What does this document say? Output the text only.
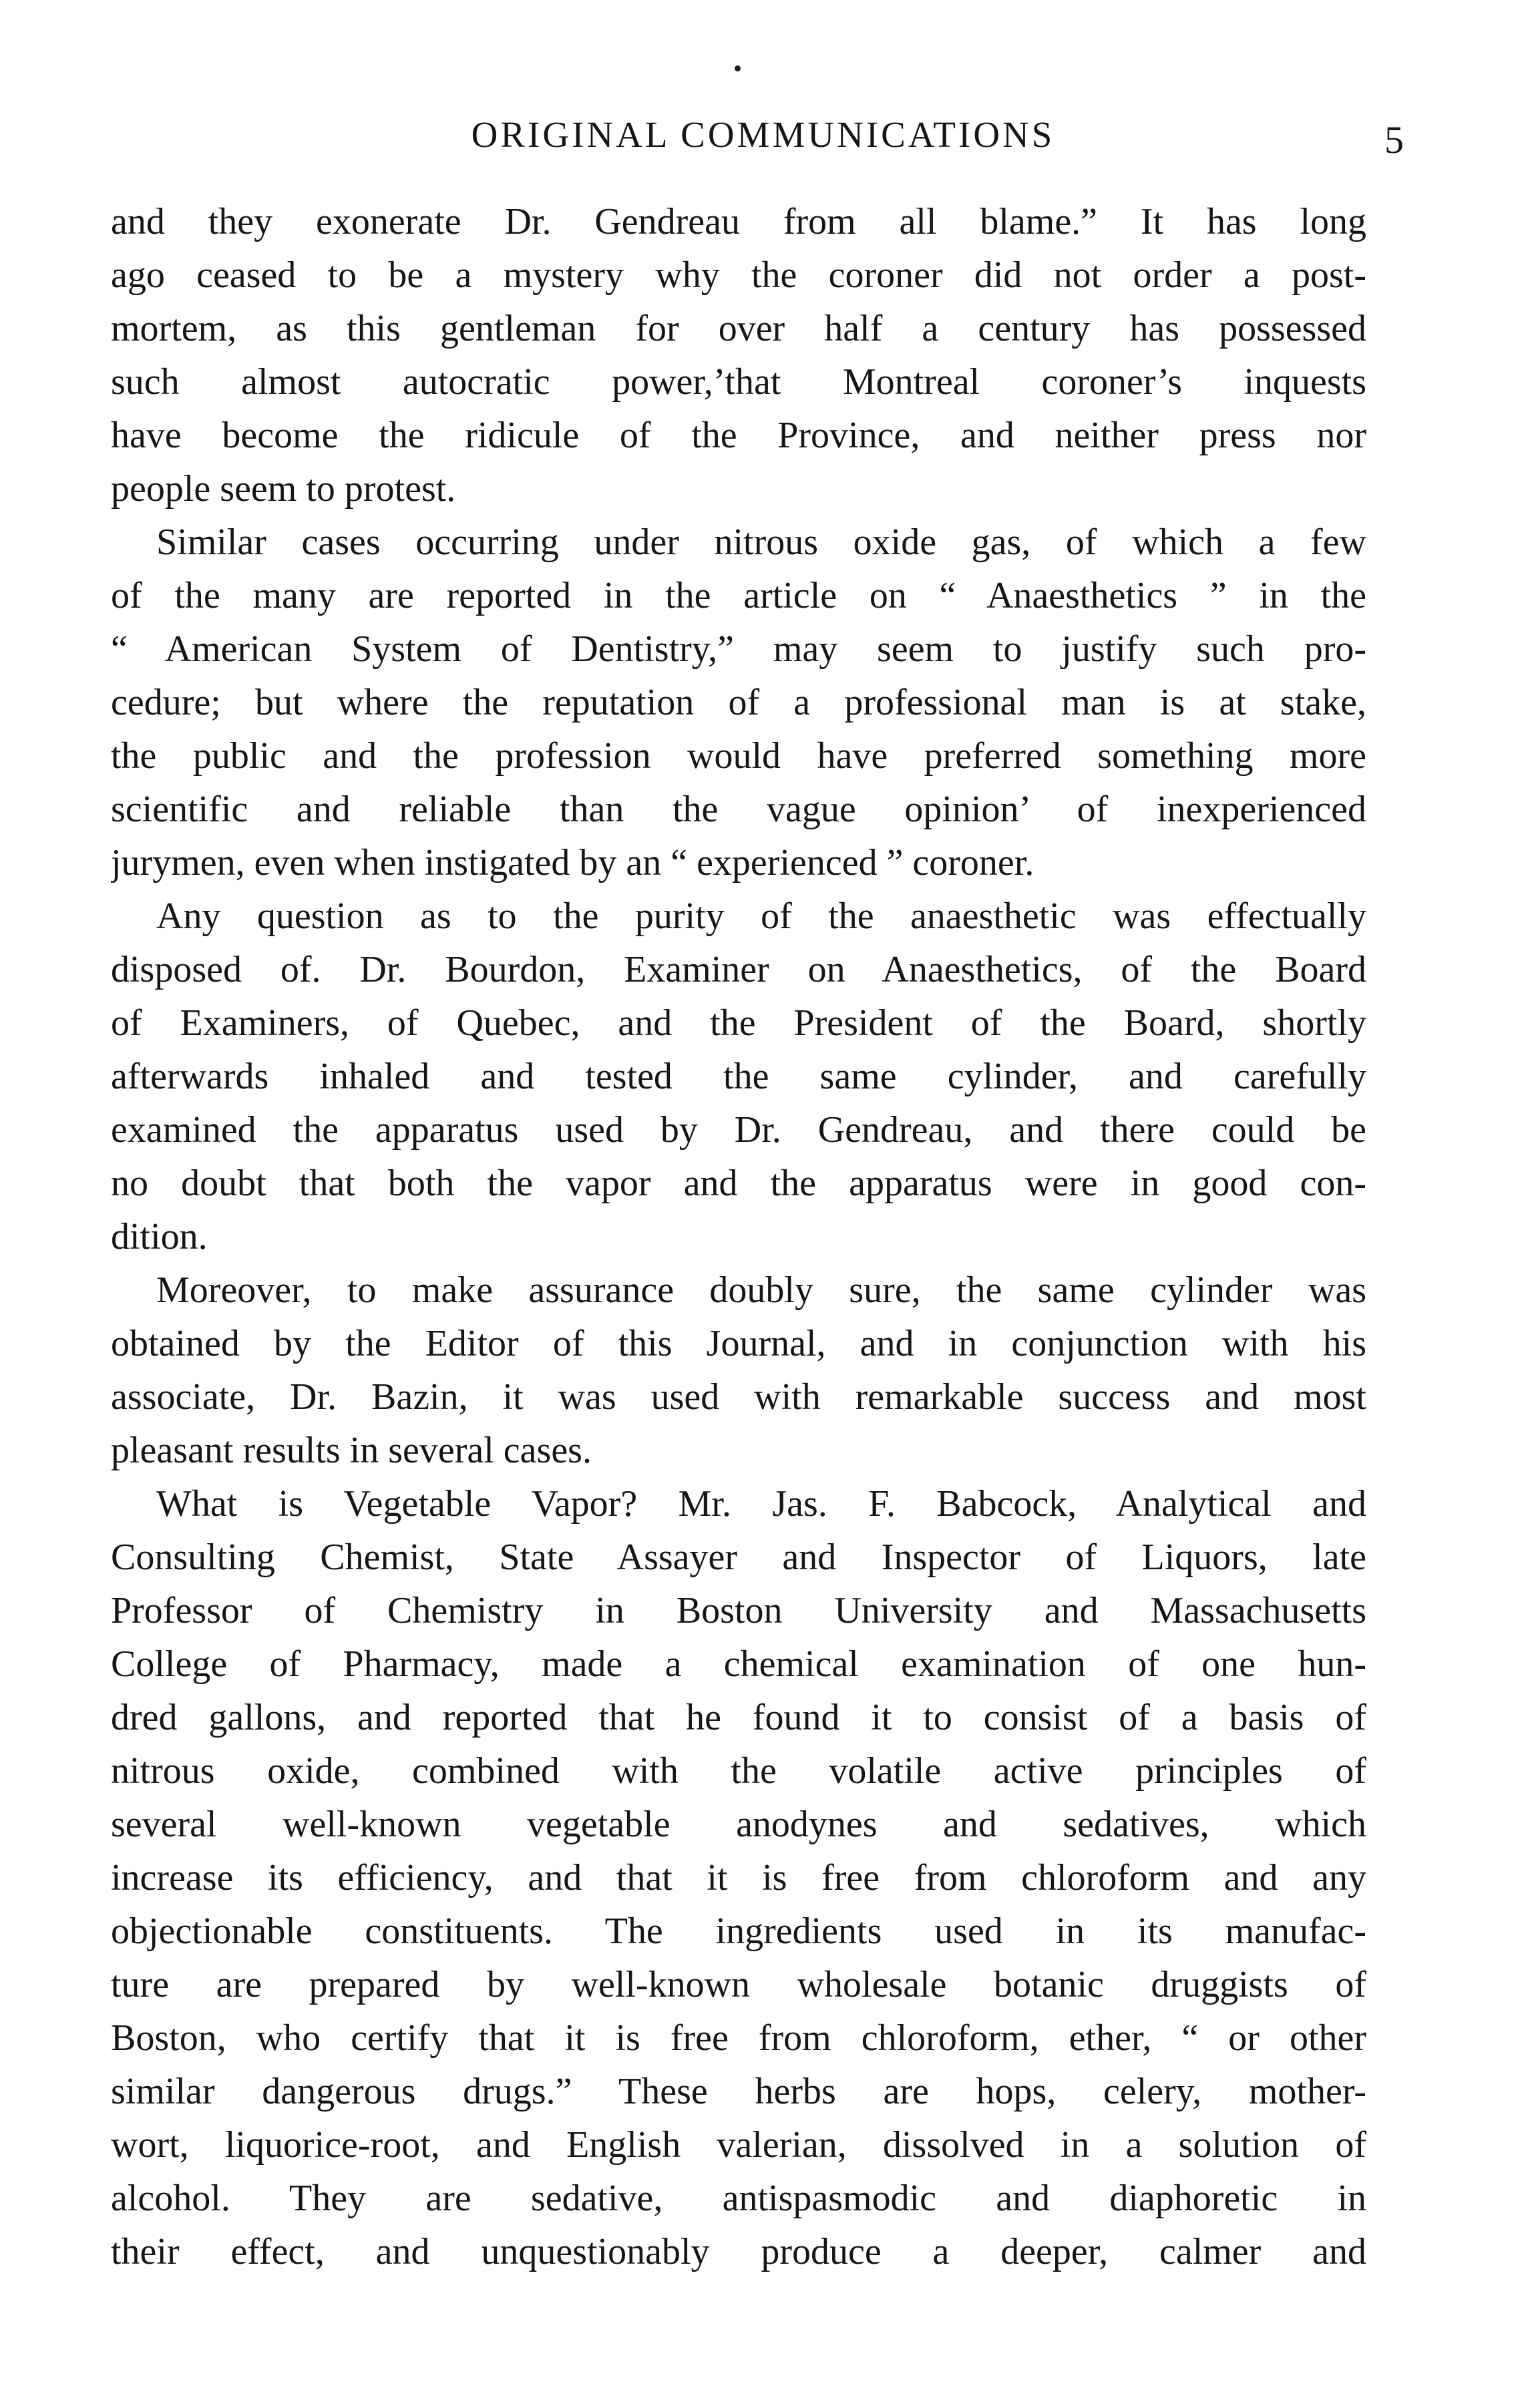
ORIGINAL COMMUNICATIONS	5
and they exonerate Dr. Gendreau from all blame.” It has long
ago ceased to be a mystery why the coroner did not order a post-
mortem, as this gentleman for over half a century has possessed
such almost autocratic power,’that Montreal coroner’s inquests
have become the ridicule of the Province, and neither press nor
people seem to protest.
Similar cases occurring under nitrous oxide gas, of which a few
of the many are reported in the article on “ Anaesthetics ” in the
“ American System of Dentistry,” may seem to justify such pro-
cedure; but where the reputation of a professional man is at stake,
the public and the profession would have preferred something more
scientific and reliable than the vague opinion’ of inexperienced
jurymen, even when instigated by an “ experienced ” coroner.
Any question as to the purity of the anaesthetic was effectually
disposed of. Dr. Bourdon, Examiner on Anaesthetics, of the Board
of Examiners, of Quebec, and the President of the Board, shortly
afterwards inhaled and tested the same cylinder, and carefully
examined the apparatus used by Dr. Gendreau, and there could be
no doubt that both the vapor and the apparatus were in good con-
dition.
Moreover, to make assurance doubly sure, the same cylinder was
obtained by the Editor of this Journal, and in conjunction with his
associate, Dr. Bazin, it was used with remarkable success and most
pleasant results in several cases.
What is Vegetable Vapor? Mr. Jas. F. Babcock, Analytical and
Consulting Chemist, State Assayer and Inspector of Liquors, late
Professor of Chemistry in Boston University and Massachusetts
College of Pharmacy, made a chemical examination of one hun-
dred gallons, and reported that he found it to consist of a basis of
nitrous oxide, combined with the volatile active principles of
several well-known vegetable anodynes and sedatives, which
increase its efficiency, and that it is free from chloroform and any
objectionable constituents. The ingredients used in its manufac-
ture are prepared by well-known wholesale botanic druggists of
Boston, who certify that it is free from chloroform, ether, “ or other
similar dangerous drugs.” These herbs are hops, celery, mother-
wort, liquorice-root, and English valerian, dissolved in a solution of
alcohol. They are sedative, antispasmodic and diaphoretic in
their effect, and unquestionably produce a deeper, calmer and
